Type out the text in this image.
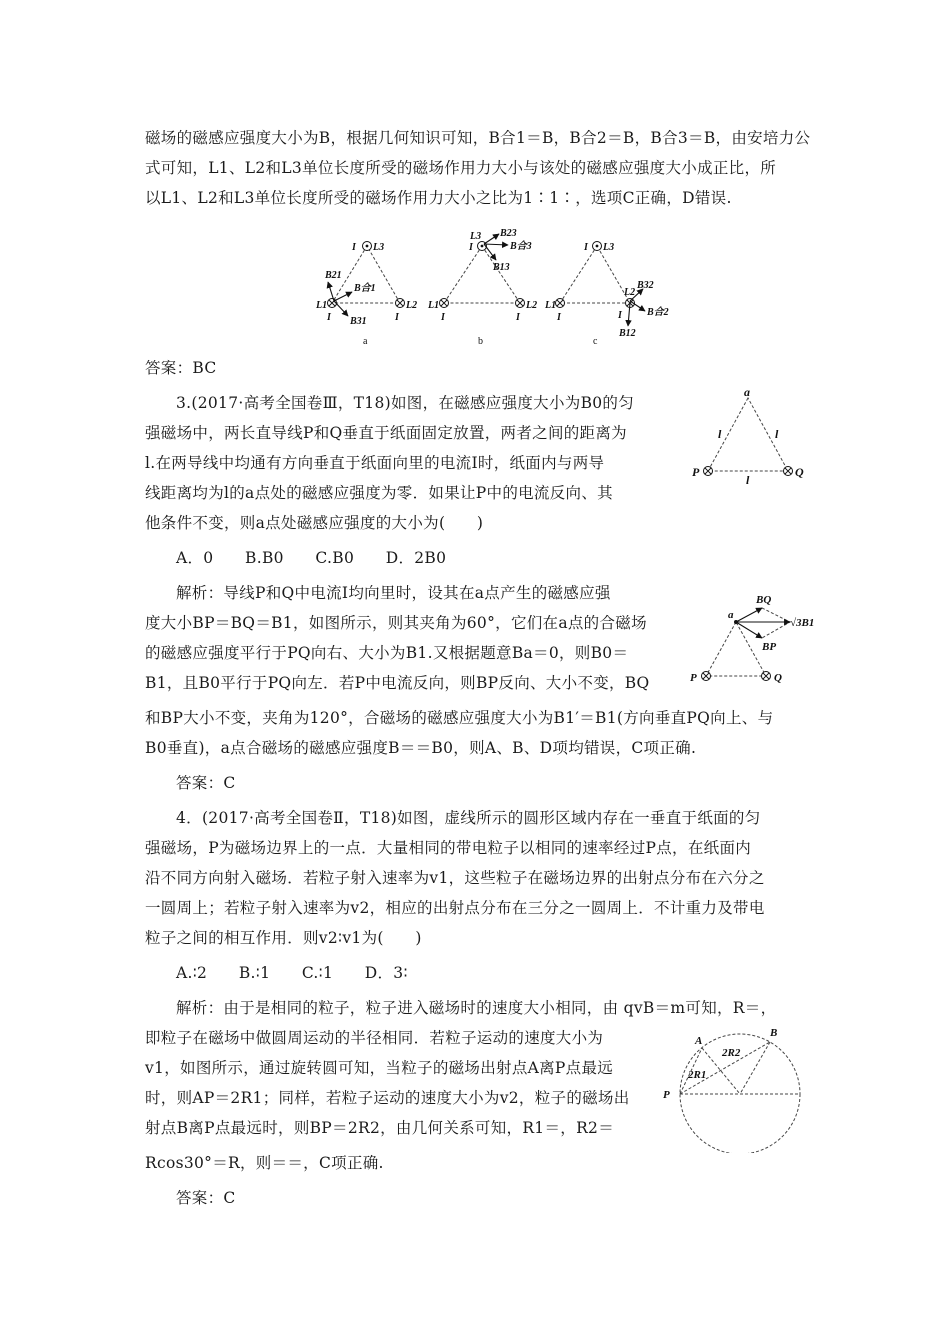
磁场的磁感应强度大小为B，根据几何知识可知，B合1＝B，B合2＝B，B合3＝B，由安培力公
式可知，L1、L2和L3单位长度所受的磁场作用力大小与该处的磁感应强度大小成正比，所
以L1、L2和L3单位长度所受的磁场作用力大小之比为1∶1∶，选项C正确，D错误.
I L3
L1
I
L2
I
B21
B合1
B31
I
L3 B23
B合3
B13
L1
I
L2
I
I L3
L1
I
L2
I
B32
B合2
B12
a	b	c
答案：BC
3.(2017·高考全国卷Ⅲ，T18)如图，在磁感应强度大小为B0的匀
强磁场中，两长直导线P和Q垂直于纸面固定放置，两者之间的距离为
l.在两导线中均通有方向垂直于纸面向里的电流I时，纸面内与两导
线距离均为l的a点处的磁感应强度为零．如果让P中的电流反向、其
他条件不变，则a点处磁感应强度的大小为(　　)
A．0　　B.B0　　C.B0　　D．2B0
a
l	l
l
P	Q
解析：导线P和Q中电流I均向里时，设其在a点产生的磁感应强
度大小BP＝BQ＝B1，如图所示，则其夹角为60°，它们在a点的合磁场
的磁感应强度平行于PQ向右、大小为B1.又根据题意Ba＝0，则B0＝
B1，且B0平行于PQ向左．若P中电流反向，则BP反向、大小不变，BQ
和BP大小不变，夹角为120°，合磁场的磁感应强度大小为B1′＝B1(方向垂直PQ向上、与
B0垂直)，a点合磁场的磁感应强度B＝＝B0，则A、B、D项均错误，C项正确.
答案：C
a
BQ
BP
√3B1
P	Q
4．(2017·高考全国卷Ⅱ，T18)如图，虚线所示的圆形区域内存在一垂直于纸面的匀
强磁场，P为磁场边界上的一点．大量相同的带电粒子以相同的速率经过P点，在纸面内
沿不同方向射入磁场．若粒子射入速率为v1，这些粒子在磁场边界的出射点分布在六分之
一圆周上；若粒子射入速率为v2，相应的出射点分布在三分之一圆周上．不计重力及带电
粒子之间的相互作用．则v2∶v1为(　　)
A.∶2　　B.∶1　　C.∶1　　D．3∶
解析：由于是相同的粒子，粒子进入磁场时的速度大小相同，由 qvB＝m可知，R＝，
即粒子在磁场中做圆周运动的半径相同．若粒子运动的速度大小为
v1，如图所示，通过旋转圆可知，当粒子的磁场出射点A离P点最远
时，则AP＝2R1；同样，若粒子运动的速度大小为v2，粒子的磁场出
射点B离P点最远时，则BP＝2R2，由几何关系可知，R1＝，R2＝
Rcos30°＝R，则＝＝，C项正确.
答案：C
A
B
P
2R2
2R1
